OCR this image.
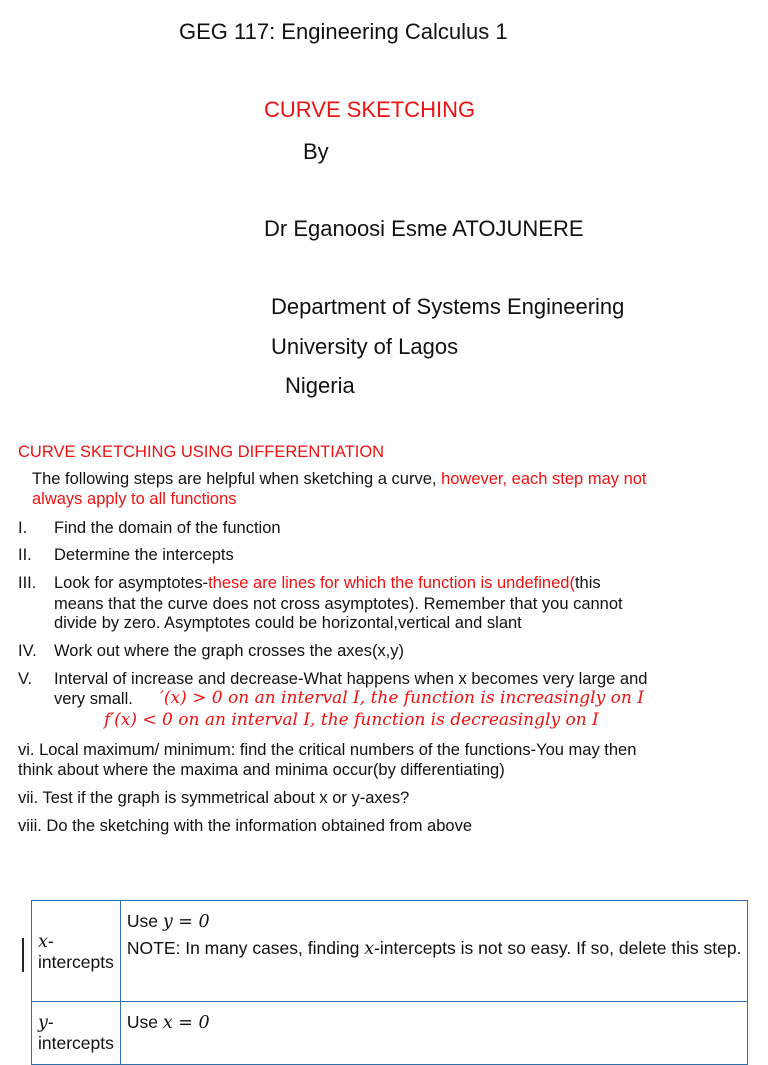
GEG 117: Engineering Calculus 1
CURVE SKETCHING
By
Dr Eganoosi Esme ATOJUNERE
Department of Systems Engineering
University of Lagos
Nigeria
CURVE SKETCHING USING DIFFERENTIATION
The following steps are helpful when sketching a curve, however, each step may not
always apply to all functions
I. Find the domain of the function
II. Determine the intercepts
III. Look for asymptotes-these are lines for which the function is undefined(this
means that the curve does not cross asymptotes). Remember that you cannot
divide by zero. Asymptotes could be horizontal,vertical and slant
IV. Work out where the graph crosses the axes(x,y)
V. Interval of increase and decrease-What happens when x becomes very large and
very small. ′(x) > 0 on an interval I, the function is increasingly on I
f′(x) < 0 on an interval I, the function is decreasingly on I
vi. Local maximum/ minimum: find the critical numbers of the functions-You may then
think about where the maxima and minima occur(by differentiating)
vii. Test if the graph is symmetrical about x or y-axes?
viii. Do the sketching with the information obtained from above
x-intercepts	Use y = 0
NOTE: In many cases, finding x-intercepts is not so easy. If so, delete this step.

y-intercepts	Use x = 0
